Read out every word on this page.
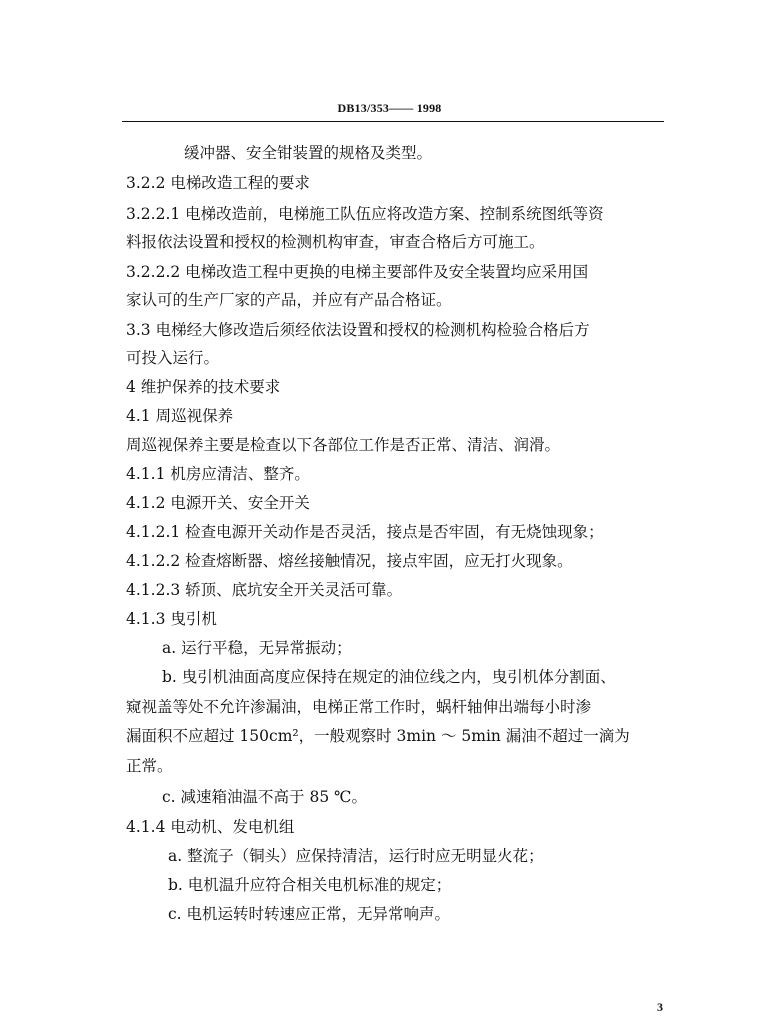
DB13/353—— 1998
缓冲器、安全钳装置的规格及类型。
3.2.2 电梯改造工程的要求
3.2.2.1 电梯改造前，电梯施工队伍应将改造方案、控制系统图纸等资
料报依法设置和授权的检测机构审查，审查合格后方可施工。
3.2.2.2 电梯改造工程中更换的电梯主要部件及安全装置均应采用国
家认可的生产厂家的产品，并应有产品合格证。
3.3 电梯经大修改造后须经依法设置和授权的检测机构检验合格后方
可投入运行。
4 维护保养的技术要求
4.1 周巡视保养
周巡视保养主要是检查以下各部位工作是否正常、清洁、润滑。
4.1.1 机房应清洁、整齐。
4.1.2 电源开关、安全开关
4.1.2.1 检查电源开关动作是否灵活，接点是否牢固，有无烧蚀现象；
4.1.2.2 检查熔断器、熔丝接触情况，接点牢固，应无打火现象。
4.1.2.3 轿顶、底坑安全开关灵活可靠。
4.1.3 曳引机
a. 运行平稳，无异常振动；
b. 曳引机油面高度应保持在规定的油位线之内，曳引机体分割面、
窥视盖等处不允许渗漏油，电梯正常工作时，蜗杆轴伸出端每小时渗
漏面积不应超过 150cm²，一般观察时 3min ～ 5min 漏油不超过一滴为
正常。
c. 减速箱油温不高于 85 ℃。
4.1.4 电动机、发电机组
a. 整流子（铜头）应保持清洁，运行时应无明显火花；
b. 电机温升应符合相关电机标准的规定；
c. 电机运转时转速应正常，无异常响声。
3
